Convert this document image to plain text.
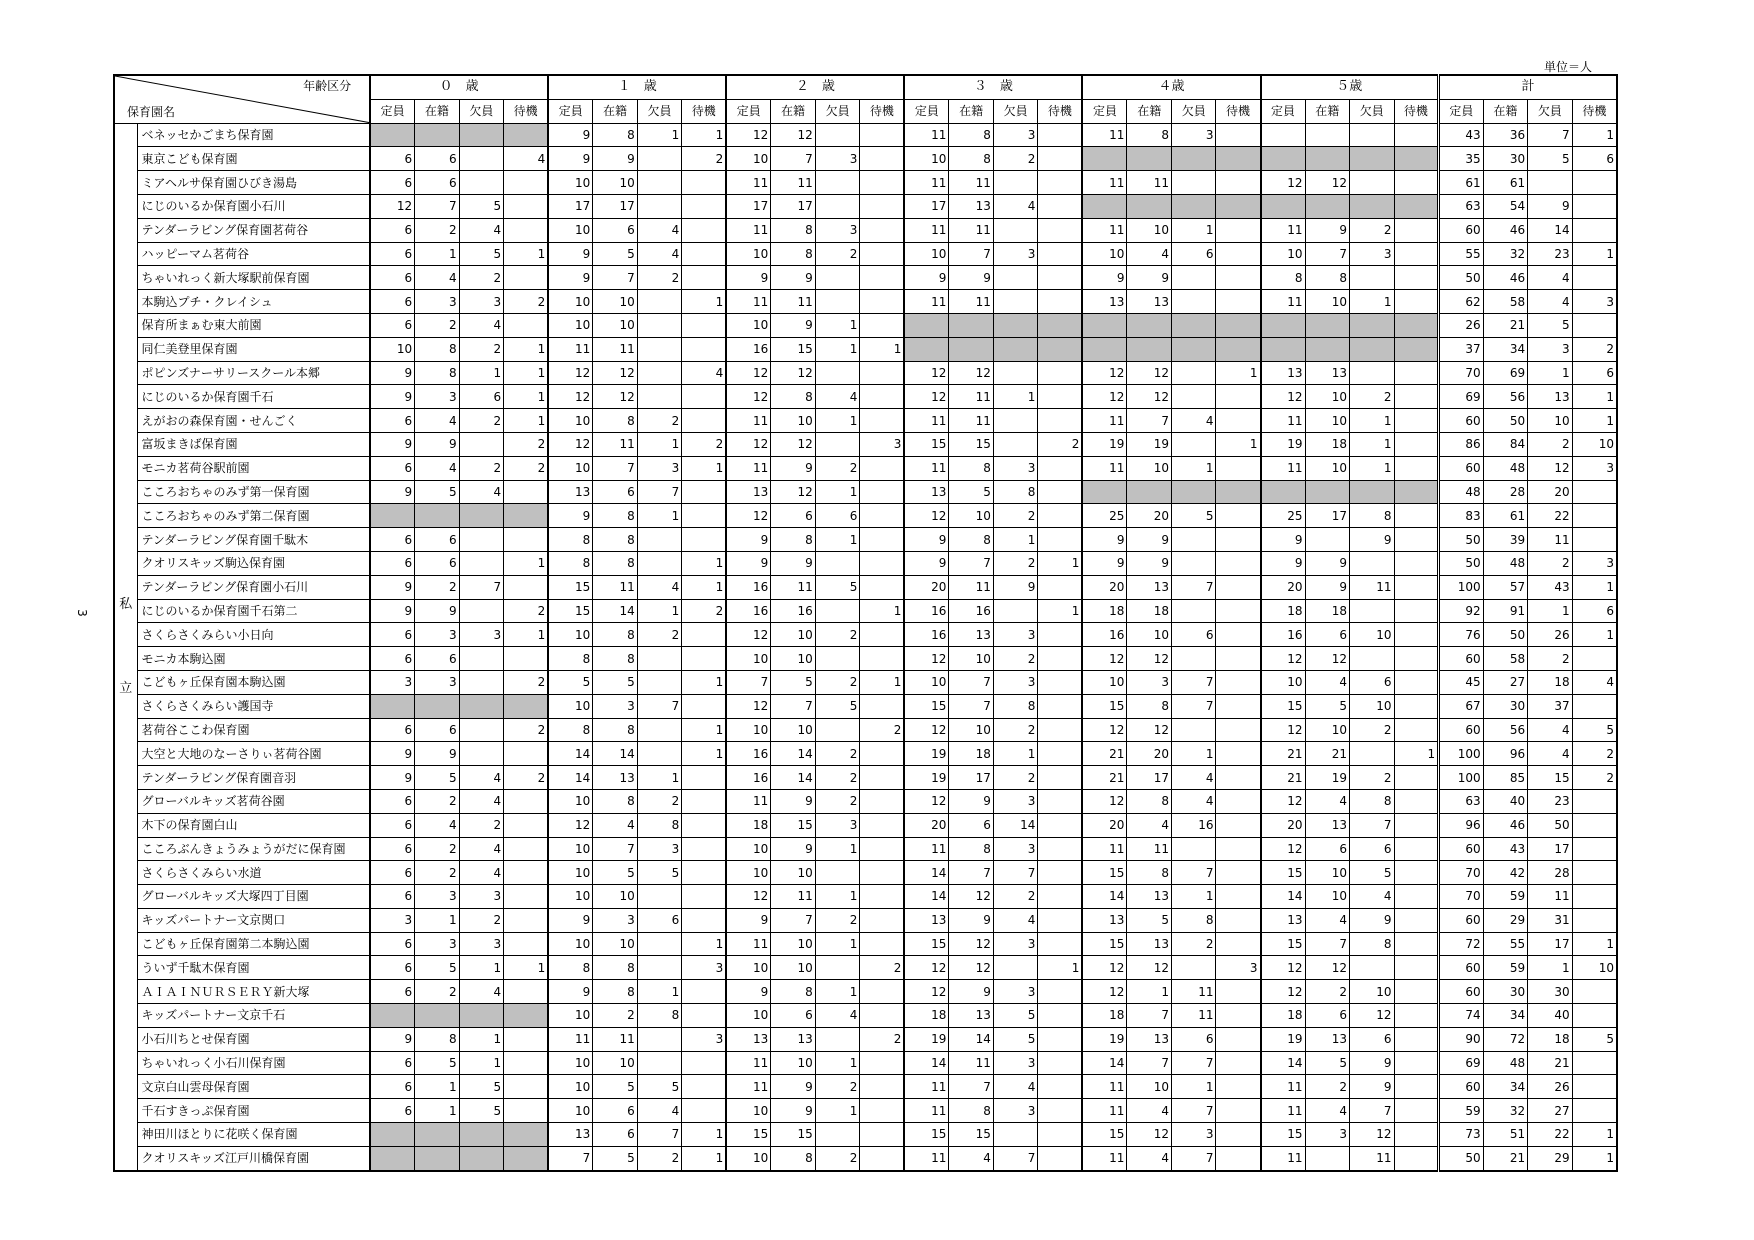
単位＝人
3
年齢区分
保育園名		０　歳				１　歳				２　歳				３　歳				４歳				５歳				計			
		定員	在籍	欠員	待機	定員	在籍	欠員	待機	定員	在籍	欠員	待機	定員	在籍	欠員	待機	定員	在籍	欠員	待機	定員	在籍	欠員	待機	定員	在籍	欠員	待機

私
立	ベネッセかごまち保育園					9	8	1	1	12	12			11	8	3		11	8	3						43	36	7	1
	東京こども保育園	6	6		4	9	9		2	10	7	3		10	8	2										35	30	5	6
	ミアヘルサ保育園ひびき湯島	6	6			10	10			11	11			11	11			11	11			12	12			61	61		
	にじのいるか保育園小石川	12	7	5		17	17			17	17			17	13	4										63	54	9	
	テンダーラビング保育園茗荷谷	6	2	4		10	6	4		11	8	3		11	11			11	10	1		11	9	2		60	46	14	
	ハッピーマム茗荷谷	6	1	5	1	9	5	4		10	8	2		10	7	3		10	4	6		10	7	3		55	32	23	1
	ちゃいれっく新大塚駅前保育園	6	4	2		9	7	2		9	9			9	9			9	9			8	8			50	46	4	
	本駒込プチ・クレイシュ	6	3	3	2	10	10		1	11	11			11	11			13	13			11	10	1		62	58	4	3
	保育所まぁむ東大前園	6	2	4		10	10			10	9	1														26	21	5	
	同仁美登里保育園	10	8	2	1	11	11			16	15	1	1													37	34	3	2
	ポピンズナーサリースクール本郷	9	8	1	1	12	12		4	12	12			12	12			12	12		1	13	13			70	69	1	6
	にじのいるか保育園千石	9	3	6	1	12	12			12	8	4		12	11	1		12	12			12	10	2		69	56	13	1
	えがおの森保育園・せんごく	6	4	2	1	10	8	2		11	10	1		11	11			11	7	4		11	10	1		60	50	10	1
	富坂まきば保育園	9	9		2	12	11	1	2	12	12		3	15	15		2	19	19		1	19	18	1		86	84	2	10
	モニカ茗荷谷駅前園	6	4	2	2	10	7	3	1	11	9	2		11	8	3		11	10	1		11	10	1		60	48	12	3
	こころおちゃのみず第一保育園	9	5	4		13	6	7		13	12	1		13	5	8										48	28	20	
	こころおちゃのみず第二保育園					9	8	1		12	6	6		12	10	2		25	20	5		25	17	8		83	61	22	
	テンダーラビング保育園千駄木	6	6			8	8			9	8	1		9	8	1		9	9			9		9		50	39	11	
	クオリスキッズ駒込保育園	6	6		1	8	8		1	9	9			9	7	2	1	9	9			9	9			50	48	2	3
	テンダーラビング保育園小石川	9	2	7		15	11	4	1	16	11	5		20	11	9		20	13	7		20	9	11		100	57	43	1
	にじのいるか保育園千石第二	9	9		2	15	14	1	2	16	16		1	16	16		1	18	18			18	18			92	91	1	6
	さくらさくみらい小日向	6	3	3	1	10	8	2		12	10	2		16	13	3		16	10	6		16	6	10		76	50	26	1
	モニカ本駒込園	6	6			8	8			10	10			12	10	2		12	12			12	12			60	58	2	
	こどもヶ丘保育園本駒込園	3	3		2	5	5		1	7	5	2	1	10	7	3		10	3	7		10	4	6		45	27	18	4
	さくらさくみらい護国寺					10	3	7		12	7	5		15	7	8		15	8	7		15	5	10		67	30	37	
	茗荷谷ここわ保育園	6	6		2	8	8		1	10	10		2	12	10	2		12	12			12	10	2		60	56	4	5
	大空と大地のなーさりぃ茗荷谷園	9	9			14	14		1	16	14	2		19	18	1		21	20	1		21	21		1	100	96	4	2
	テンダーラビング保育園音羽	9	5	4	2	14	13	1		16	14	2		19	17	2		21	17	4		21	19	2		100	85	15	2
	グローバルキッズ茗荷谷園	6	2	4		10	8	2		11	9	2		12	9	3		12	8	4		12	4	8		63	40	23	
	木下の保育園白山	6	4	2		12	4	8		18	15	3		20	6	14		20	4	16		20	13	7		96	46	50	
	こころぶんきょうみょうがだに保育園	6	2	4		10	7	3		10	9	1		11	8	3		11	11			12	6	6		60	43	17	
	さくらさくみらい水道	6	2	4		10	5	5		10	10			14	7	7		15	8	7		15	10	5		70	42	28	
	グローバルキッズ大塚四丁目園	6	3	3		10	10			12	11	1		14	12	2		14	13	1		14	10	4		70	59	11	
	キッズパートナー文京関口	3	1	2		9	3	6		9	7	2		13	9	4		13	5	8		13	4	9		60	29	31	
	こどもヶ丘保育園第二本駒込園	6	3	3		10	10		1	11	10	1		15	12	3		15	13	2		15	7	8		72	55	17	1
	ういず千駄木保育園	6	5	1	1	8	8		3	10	10		2	12	12		1	12	12		3	12	12			60	59	1	10
	ＡＩＡＩＮＵＲＳＥＲＹ新大塚	6	2	4		9	8	1		9	8	1		12	9	3		12	1	11		12	2	10		60	30	30	
	キッズパートナー文京千石					10	2	8		10	6	4		18	13	5		18	7	11		18	6	12		74	34	40	
	小石川ちとせ保育園	9	8	1		11	11		3	13	13		2	19	14	5		19	13	6		19	13	6		90	72	18	5
	ちゃいれっく小石川保育園	6	5	1		10	10			11	10	1		14	11	3		14	7	7		14	5	9		69	48	21	
	文京白山雲母保育園	6	1	5		10	5	5		11	9	2		11	7	4		11	10	1		11	2	9		60	34	26	
	千石すきっぷ保育園	6	1	5		10	6	4		10	9	1		11	8	3		11	4	7		11	4	7		59	32	27	
	神田川ほとりに花咲く保育園					13	6	7	1	15	15			15	15			15	12	3		15	3	12		73	51	22	1
	クオリスキッズ江戸川橋保育園					7	5	2	1	10	8	2		11	4	7		11	4	7		11		11		50	21	29	1
